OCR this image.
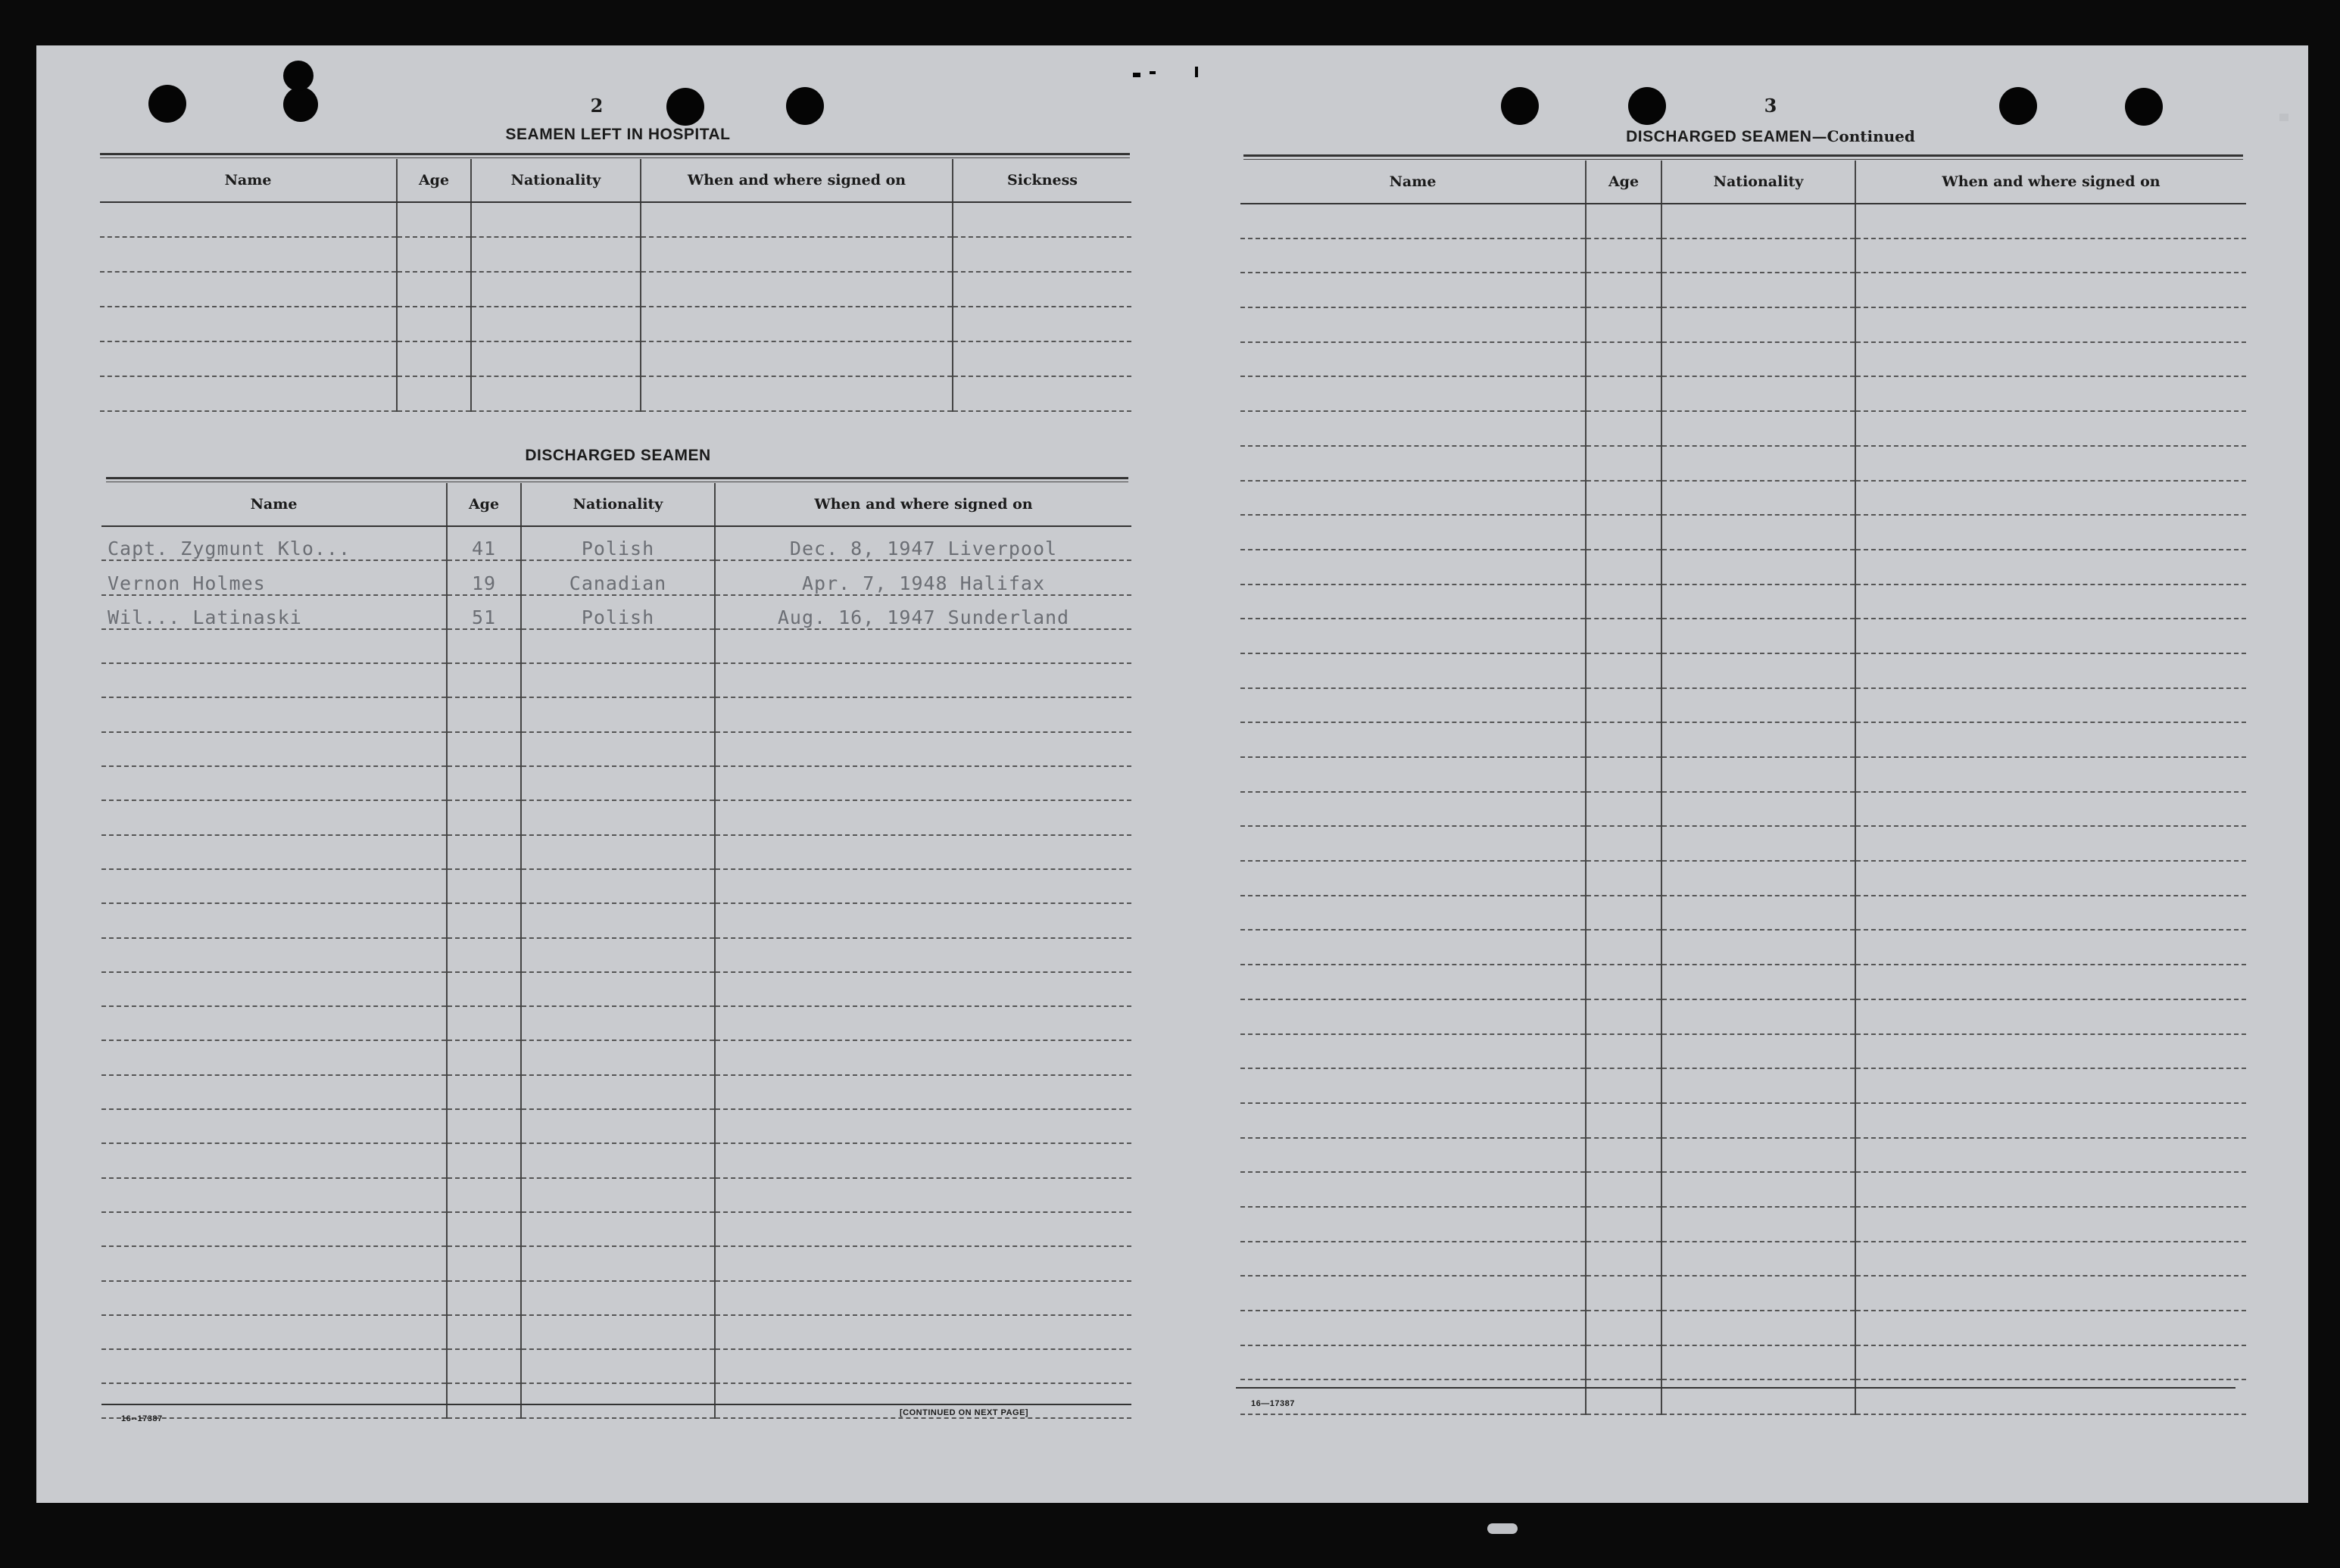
2
SEAMEN LEFT IN HOSPITAL
Name	Age	Nationality	When and where signed on	Sickness

DISCHARGED SEAMEN
Name	Age	Nationality	When and where signed on
Capt. Zygmunt Klo...	41	Polish	Dec. 8, 1947 Liverpool
Vernon Holmes	19	Canadian	Apr. 7, 1948 Halifax
Wil... Latinaski	51	Polish	Aug. 16, 1947 Sunderland

16--17387
[CONTINUED ON NEXT PAGE]
3
DISCHARGED SEAMEN—Continued
Name	Age	Nationality	When and where signed on

16—17387
